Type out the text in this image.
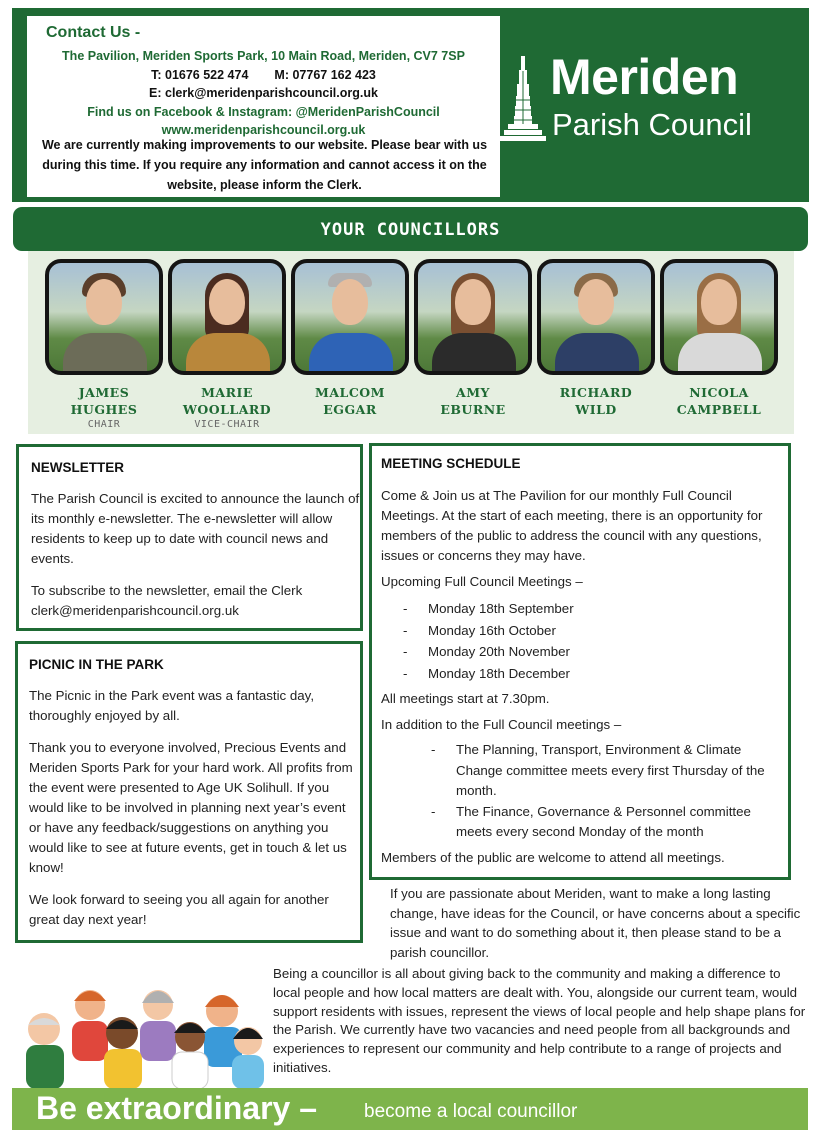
Contact Us -
The Pavilion, Meriden Sports Park, 10 Main Road, Meriden, CV7 7SP
T: 01676 522 474 M: 07767 162 423
E: clerk@meridenparishcouncil.org.uk
Find us on Facebook & Instagram: @MeridenParishCouncil
www.meridenparishcouncil.org.uk
We are currently making improvements to our website. Please bear with us during this time. If you require any information and cannot access it on the website, please inform the Clerk.
Meriden
Parish Council
YOUR COUNCILLORS
JAMES
HUGHES
CHAIR
MARIE
WOOLLARD
VICE-CHAIR
MALCOM
EGGAR
AMY
EBURNE
RICHARD
WILD
NICOLA
CAMPBELL
NEWSLETTER

The Parish Council is excited to announce the launch of its monthly e-newsletter. The e-newsletter will allow residents to keep up to date with council news and events.

To subscribe to the newsletter, email the Clerk clerk@meridenparishcouncil.org.uk

PICNIC IN THE PARK

The Picnic in the Park event was a fantastic day, thoroughly enjoyed by all.

Thank you to everyone involved, Precious Events and Meriden Sports Park for your hard work. All profits from the event were presented to Age UK Solihull. If you would like to be involved in planning next year’s event or have any feedback/suggestions on anything you would like to see at future events, get in touch & let us know!

We look forward to seeing you all again for another great day next year!

MEETING SCHEDULE

Come & Join us at The Pavilion for our monthly Full Council Meetings. At the start of each meeting, there is an opportunity for members of the public to address the council with any questions, issues or concerns they may have.

Upcoming Full Council Meetings –

- Monday 18th September
- Monday 16th October
- Monday 20th November
- Monday 18th December

All meetings start at 7.30pm.

In addition to the Full Council meetings –

- The Planning, Transport, Environment & Climate Change committee meets every first Thursday of the month.
- The Finance, Governance & Personnel committee meets every second Monday of the month

Members of the public are welcome to attend all meetings.

If you are passionate about Meriden, want to make a long lasting change, have ideas for the Council, or have concerns about a specific issue and want to do something about it, then please stand to be a parish councillor.

Being a councillor is all about giving back to the community and making a difference to local people and how local matters are dealt with. You, alongside our current team, would support residents with issues, represent the views of local people and help shape plans for the Parish. We currently have two vacancies and need people from all backgrounds and experiences to represent our community and help contribute to a range of projects and initiatives.

Be extraordinary – become a local councillor
